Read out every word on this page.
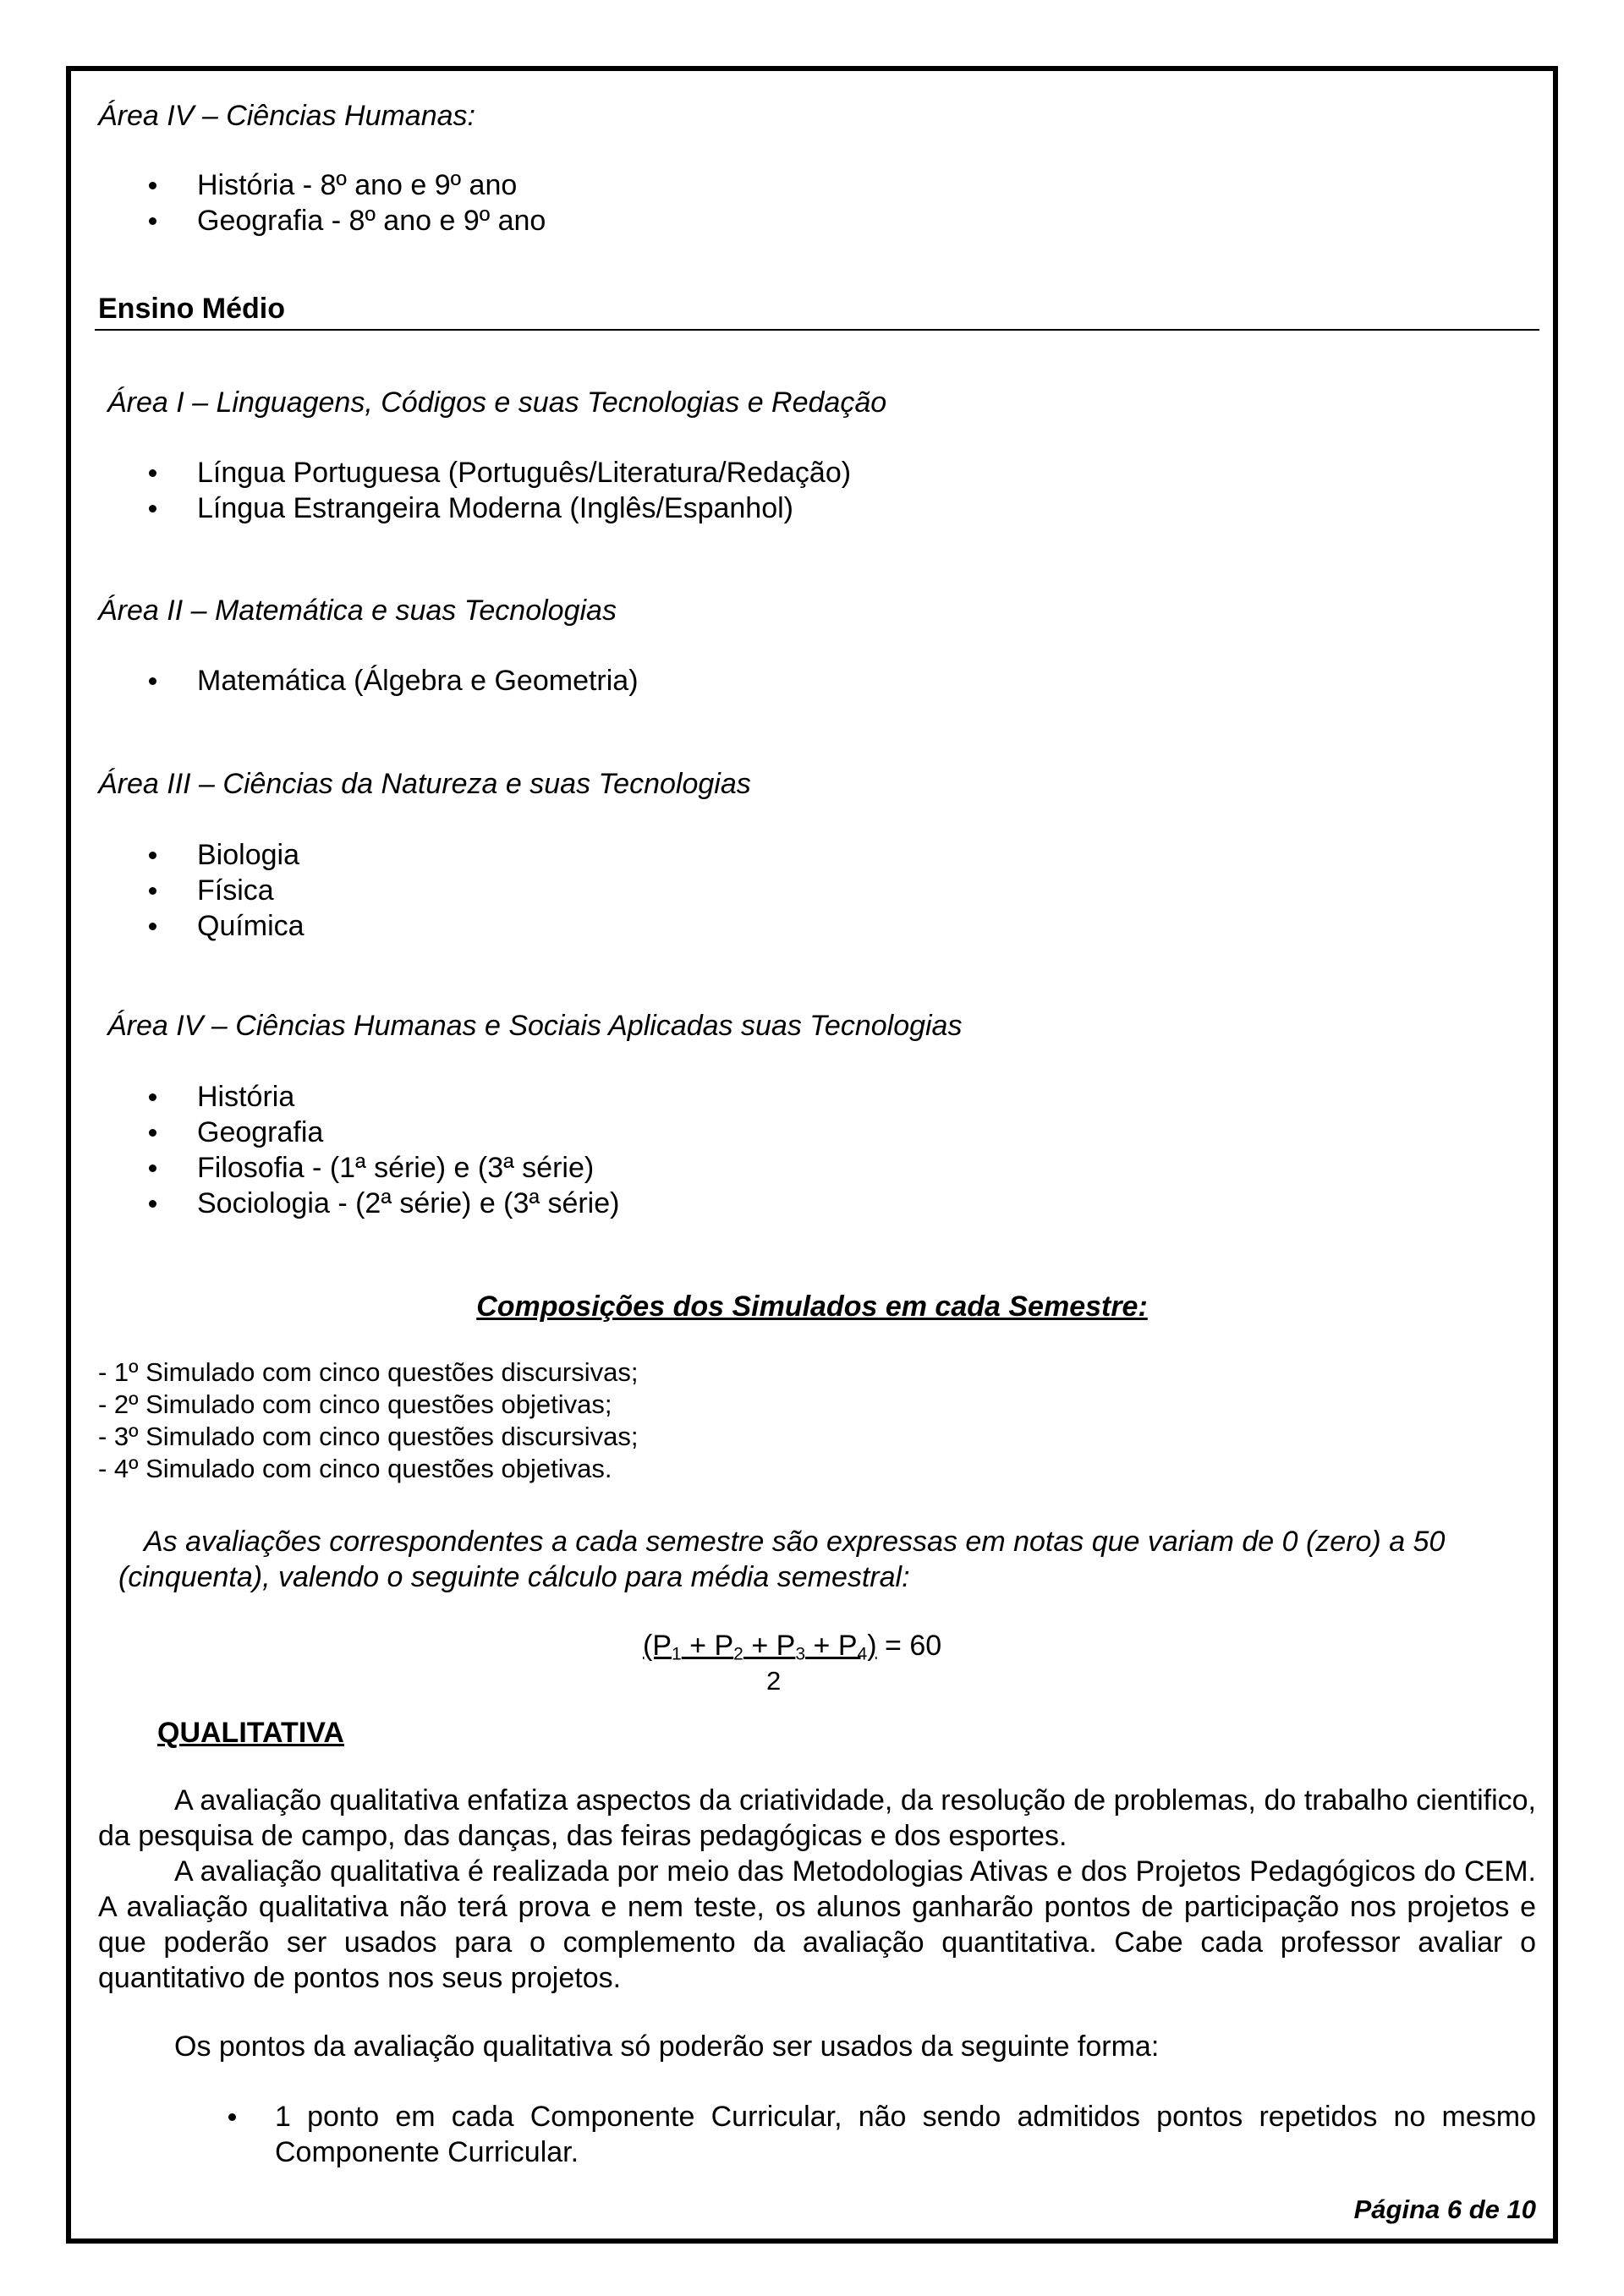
Área IV – Ciências Humanas:
História - 8º ano e 9º ano
Geografia - 8º ano e 9º ano
Ensino Médio
Área I – Linguagens, Códigos e suas Tecnologias e Redação
Língua Portuguesa (Português/Literatura/Redação)
Língua Estrangeira Moderna (Inglês/Espanhol)
Área II – Matemática e suas Tecnologias
Matemática (Álgebra e Geometria)
Área III – Ciências da Natureza e suas Tecnologias
Biologia
Física
Química
Área IV – Ciências Humanas e Sociais Aplicadas suas Tecnologias
História
Geografia
Filosofia - (1ª série) e (3ª série)
Sociologia - (2ª série) e (3ª série)
Composições dos Simulados em cada Semestre:
- 1º Simulado com cinco questões discursivas;
- 2º Simulado com cinco questões objetivas;
- 3º Simulado com cinco questões discursivas;
- 4º Simulado com cinco questões objetivas.
As avaliações correspondentes a cada semestre são expressas em notas que variam de 0 (zero) a 50
(cinquenta), valendo o seguinte cálculo para média semestral:
$(P_1 + P_2 + P_3 + P_4) = 60$
2
QUALITATIVA
A avaliação qualitativa enfatiza aspectos da criatividade, da resolução de problemas, do trabalho cientifico, da pesquisa de campo, das danças, das feiras pedagógicas e dos esportes.
A avaliação qualitativa é realizada por meio das Metodologias Ativas e dos Projetos Pedagógicos do CEM. A avaliação qualitativa não terá prova e nem teste, os alunos ganharão pontos de participação nos projetos e que poderão ser usados para o complemento da avaliação quantitativa. Cabe cada professor avaliar o quantitativo de pontos nos seus projetos.
Os pontos da avaliação qualitativa só poderão ser usados da seguinte forma:
1 ponto em cada Componente Curricular, não sendo admitidos pontos repetidos no mesmo Componente Curricular.
Página 6 de 10
